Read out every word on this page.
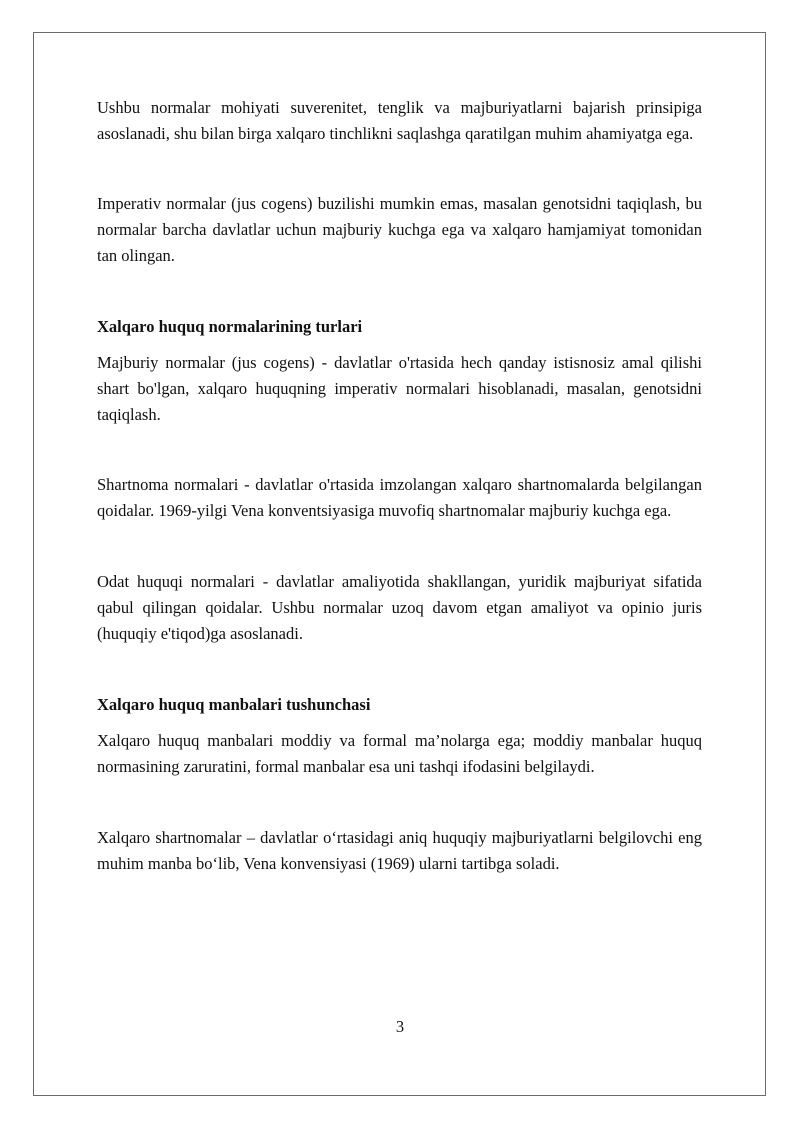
Ushbu normalar mohiyati suverenitet, tenglik va majburiyatlarni bajarish prinsipiga asoslanadi, shu bilan birga xalqaro tinchlikni saqlashga qaratilgan muhim ahamiyatga ega.

Imperativ normalar (jus cogens) buzilishi mumkin emas, masalan genotsidni taqiqlash, bu normalar barcha davlatlar uchun majburiy kuchga ega va xalqaro hamjamiyat tomonidan tan olingan.

Xalqaro huquq normalarining turlari

Majburiy normalar (jus cogens) - davlatlar o'rtasida hech qanday istisnosiz amal qilishi shart bo'lgan, xalqaro huquqning imperativ normalari hisoblanadi, masalan, genotsidni taqiqlash.

Shartnoma normalari - davlatlar o'rtasida imzolangan xalqaro shartnomalarda belgilangan qoidalar. 1969-yilgi Vena konventsiyasiga muvofiq shartnomalar majburiy kuchga ega.

Odat huquqi normalari - davlatlar amaliyotida shakllangan, yuridik majburiyat sifatida qabul qilingan qoidalar. Ushbu normalar uzoq davom etgan amaliyot va opinio juris (huquqiy e'tiqod)ga asoslanadi.

Xalqaro huquq manbalari tushunchasi

Xalqaro huquq manbalari moddiy va formal ma’nolarga ega; moddiy manbalar huquq normasining zaruratini, formal manbalar esa uni tashqi ifodasini belgilaydi.

Xalqaro shartnomalar – davlatlar o‘rtasidagi aniq huquqiy majburiyatlarni belgilovchi eng muhim manba bo‘lib, Vena konvensiyasi (1969) ularni tartibga soladi.

3
